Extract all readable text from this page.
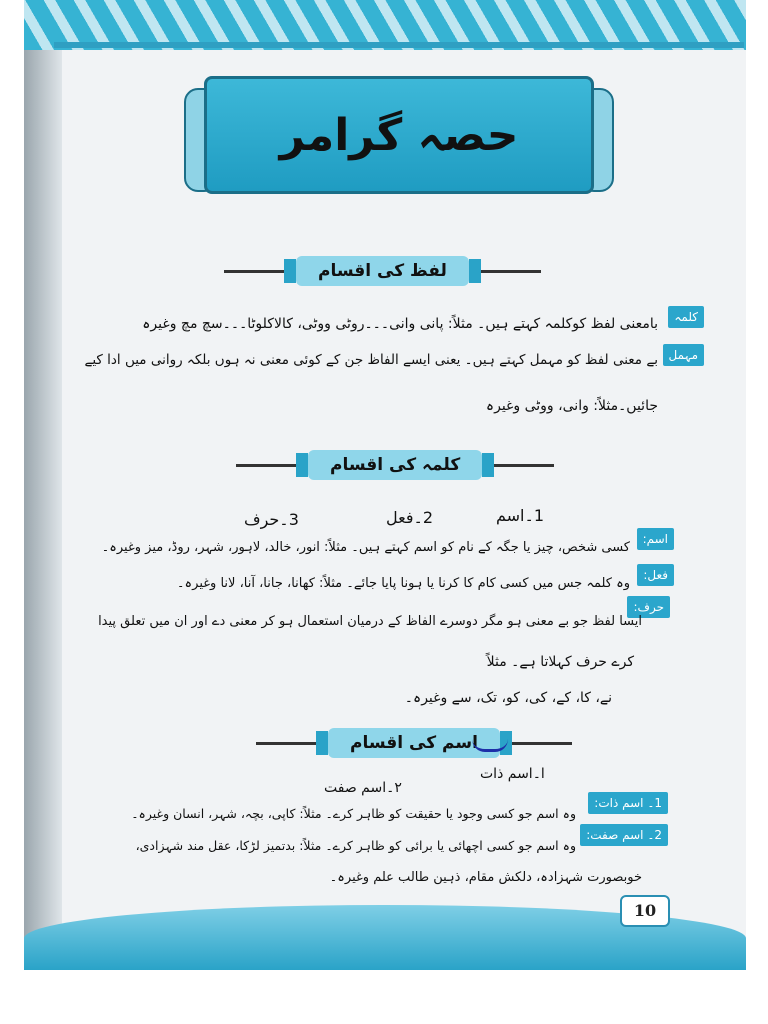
حصہ گرامر
لفظ کی اقسام
کلمہ
مہمل
بامعنی لفظ کوکلمہ کہتے ہیں۔ مثلاً: پانی وانی۔۔۔روٹی ووٹی، کالاکلوٹا۔۔۔سچ مچ وغیرہ
بے معنی لفظ کو مہمل کہتے ہیں۔ یعنی ایسے الفاظ جن کے کوئی معنی نہ ہوں بلکہ روانی میں ادا کیے
جائیں۔مثلاً: وانی، ووٹی وغیرہ
کلمہ کی اقسام
1۔اسم
2۔فعل
3۔حرف
اسم:
فعل:
حرف:
کسی شخص، چیز یا جگہ کے نام کو اسم کہتے ہیں۔ مثلاً: انور، خالد، لاہور، شہر، روڈ، میز وغیرہ۔
وہ کلمہ جس میں کسی کام کا کرنا یا ہونا پایا جائے۔ مثلاً: کھانا، جانا، آنا، لانا وغیرہ۔
ایسا لفظ جو بے معنی ہو مگر دوسرے الفاظ کے درمیان استعمال ہو کر معنی دے اور ان میں تعلق پیدا
کرے حرف کہلاتا ہے۔ مثلاً
نے، کا، کے، کی، کو، تک، سے وغیرہ۔
اسم کی اقسام
ا۔اسم ذات
۲۔اسم صفت
1۔ اسم ذات:
2۔ اسم صفت:
وہ اسم جو کسی وجود یا حقیقت کو ظاہر کرے۔ مثلاً: کاپی، بچہ، شہر، انسان وغیرہ۔
وہ اسم جو کسی اچھائی یا برائی کو ظاہر کرے۔ مثلاً: بدتمیز لڑکا، عقل مند شہزادی،
خوبصورت شہزادہ، دلکش مقام، ذہین طالب علم وغیرہ۔
10
